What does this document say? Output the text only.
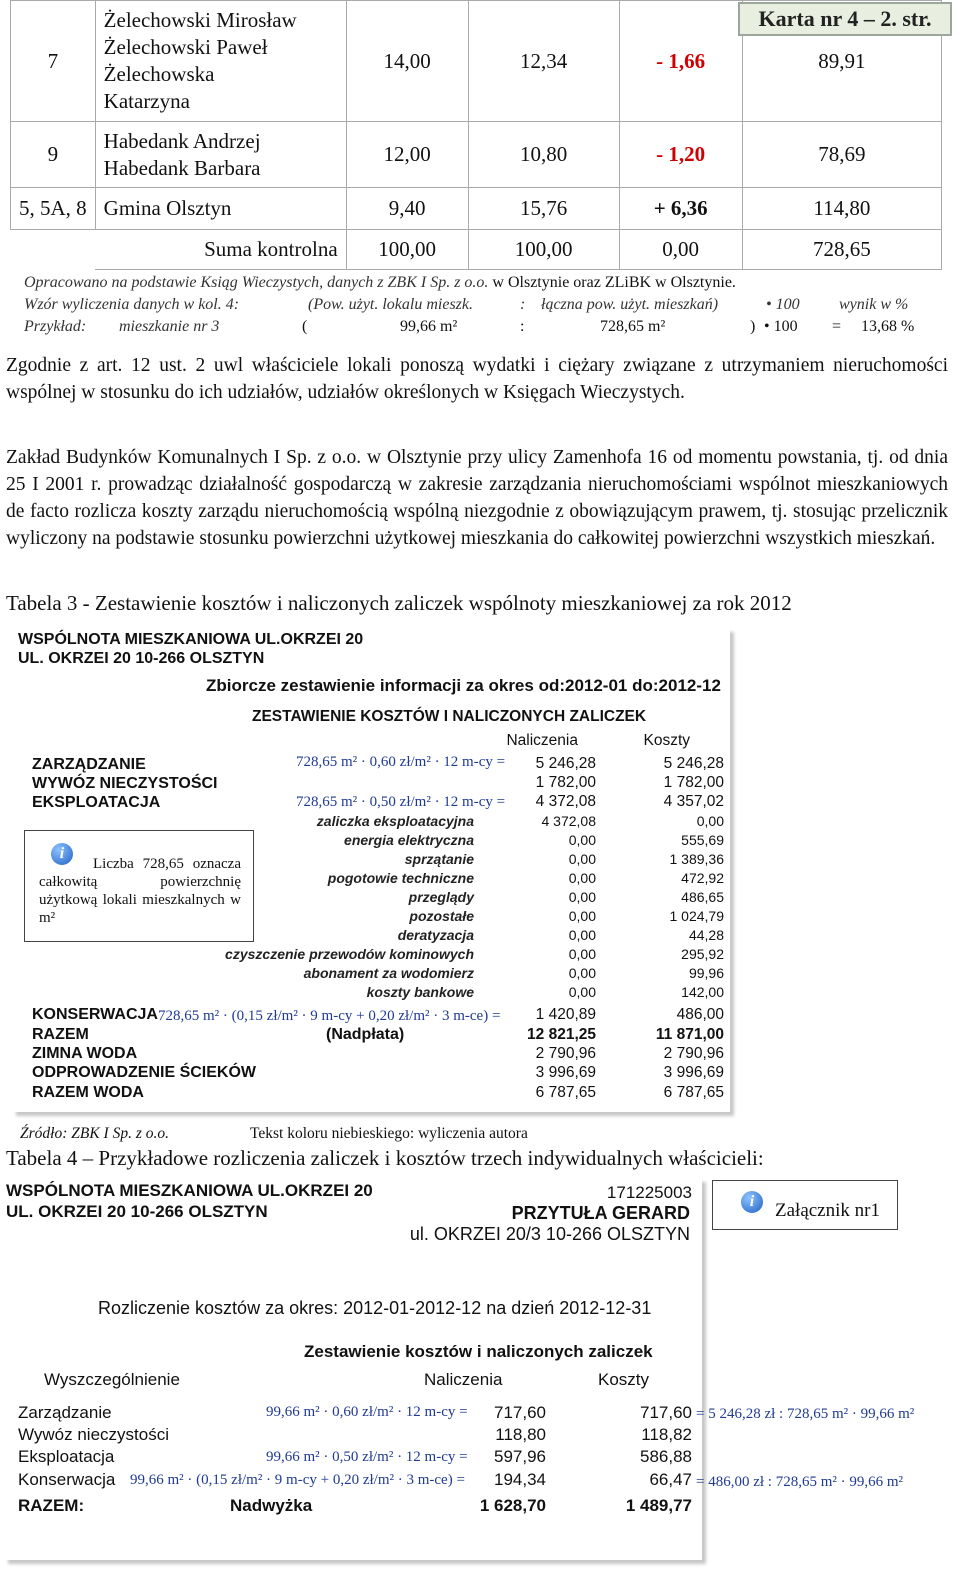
7	Żelechowski Mirosław
Żelechowski Paweł
Żelechowska
Katarzyna	14,00	12,34	- 1,66	89,91
9	Habedank Andrzej
Habedank Barbara	12,00	10,80	- 1,20	78,69
5, 5A, 8	Gmina Olsztyn	9,40	15,76	+ 6,36	114,80
	Suma kontrolna	100,00	100,00	0,00	728,65
Karta nr 4 – 2. str.
Opracowano na podstawie Ksiąg Wieczystych, danych z ZBK I Sp. z o.o. w Olsztynie oraz ZLiBK w Olsztynie.
Wzór wyliczenia danych w kol. 4:	(Pow. użyt. lokalu mieszk.	: łączna pow. użyt. mieszkań)	• 100 wynik w %
Przykład: mieszkanie nr 3	(	99,66 m²	:	728,65 m²	) • 100 = 13,68 %
Zgodnie z art. 12 ust. 2 uwl właściciele lokali ponoszą wydatki i ciężary związane z utrzymaniem nieruchomości wspólnej w stosunku do ich udziałów, udziałów określonych w Księgach Wieczystych.
Zakład Budynków Komunalnych I Sp. z o.o. w Olsztynie przy ulicy Zamenhofa 16 od momentu powstania, tj. od dnia 25 I 2001 r. prowadząc działalność gospodarczą w zakresie zarządzania nieruchomościami wspólnot mieszkaniowych de facto rozlicza koszty zarządu nieruchomością wspólną niezgodnie z obowiązującym prawem, tj. stosując przelicznik wyliczony na podstawie stosunku powierzchni użytkowej mieszkania do całkowitej powierzchni wszystkich mieszkań.
Tabela 3 - Zestawienie kosztów i naliczonych zaliczek wspólnoty mieszkaniowej za rok 2012
WSPÓLNOTA MIESZKANIOWA UL.OKRZEI 20
UL. OKRZEI 20 10-266 OLSZTYN
Zbiorcze zestawienie informacji za okres od:2012-01 do:2012-12
ZESTAWIENIE KOSZTÓW I NALICZONYCH ZALICZEK
Naliczenia	Koszty
ZARZĄDZANIE	5 246,28	5 246,28
WYWÓZ NIECZYSTOŚCI	1 782,00	1 782,00
EKSPLOATACJA	4 372,08	4 357,02
zaliczka eksploatacyjna	4 372,08	0,00
energia elektryczna	0,00	555,69
sprzątanie	0,00	1 389,36
pogotowie techniczne	0,00	472,92
przeglądy	0,00	486,65
pozostałe	0,00	1 024,79
deratyzacja	0,00	44,28
czyszczenie przewodów kominowych	0,00	295,92
abonament za wodomierz	0,00	99,96
koszty bankowe	0,00	142,00
KONSERWACJA	1 420,89	486,00
RAZEM	(Nadpłata)	12 821,25	11 871,00
ZIMNA WODA	2 790,96	2 790,96
ODPROWADZENIE ŚCIEKÓW	3 996,69	3 996,69
RAZEM WODA	6 787,65	6 787,65
728,65 m² · 0,60 zł/m² · 12 m-cy =
728,65 m² · 0,50 zł/m² · 12 m-cy =
728,65 m² · (0,15 zł/m² · 9 m-cy + 0,20 zł/m² · 3 m-ce) =
i
Liczba 728,65 oznacza całkowitą powierzchnię użytkową lokali mieszkalnych w m²
Źródło: ZBK I Sp. z o.o.	Tekst koloru niebieskiego: wyliczenia autora
Tabela 4 – Przykładowe rozliczenia zaliczek i kosztów trzech indywidualnych właścicieli:
WSPÓLNOTA MIESZKANIOWA UL.OKRZEI 20
UL. OKRZEI 20 10-266 OLSZTYN
171225003
PRZYTUŁA GERARD
ul. OKRZEI 20/3 10-266 OLSZTYN
Rozliczenie kosztów za okres: 2012-01-2012-12 na dzień 2012-12-31
Zestawienie kosztów i naliczonych zaliczek
Wyszczególnienie	Naliczenia	Koszty
Zarządzanie	717,60	717,60
Wywóz nieczystości	118,80	118,82
Eksploatacja	597,96	586,88
Konserwacja	194,34	66,47
RAZEM:	Nadwyżka	1 628,70	1 489,77
99,66 m² · 0,60 zł/m² · 12 m-cy =
99,66 m² · 0,50 zł/m² · 12 m-cy =
99,66 m² · (0,15 zł/m² · 9 m-cy + 0,20 zł/m² · 3 m-ce) =
= 5 246,28 zł : 728,65 m² · 99,66 m²
= 486,00 zł : 728,65 m² · 99,66 m²
i	Załącznik nr1
